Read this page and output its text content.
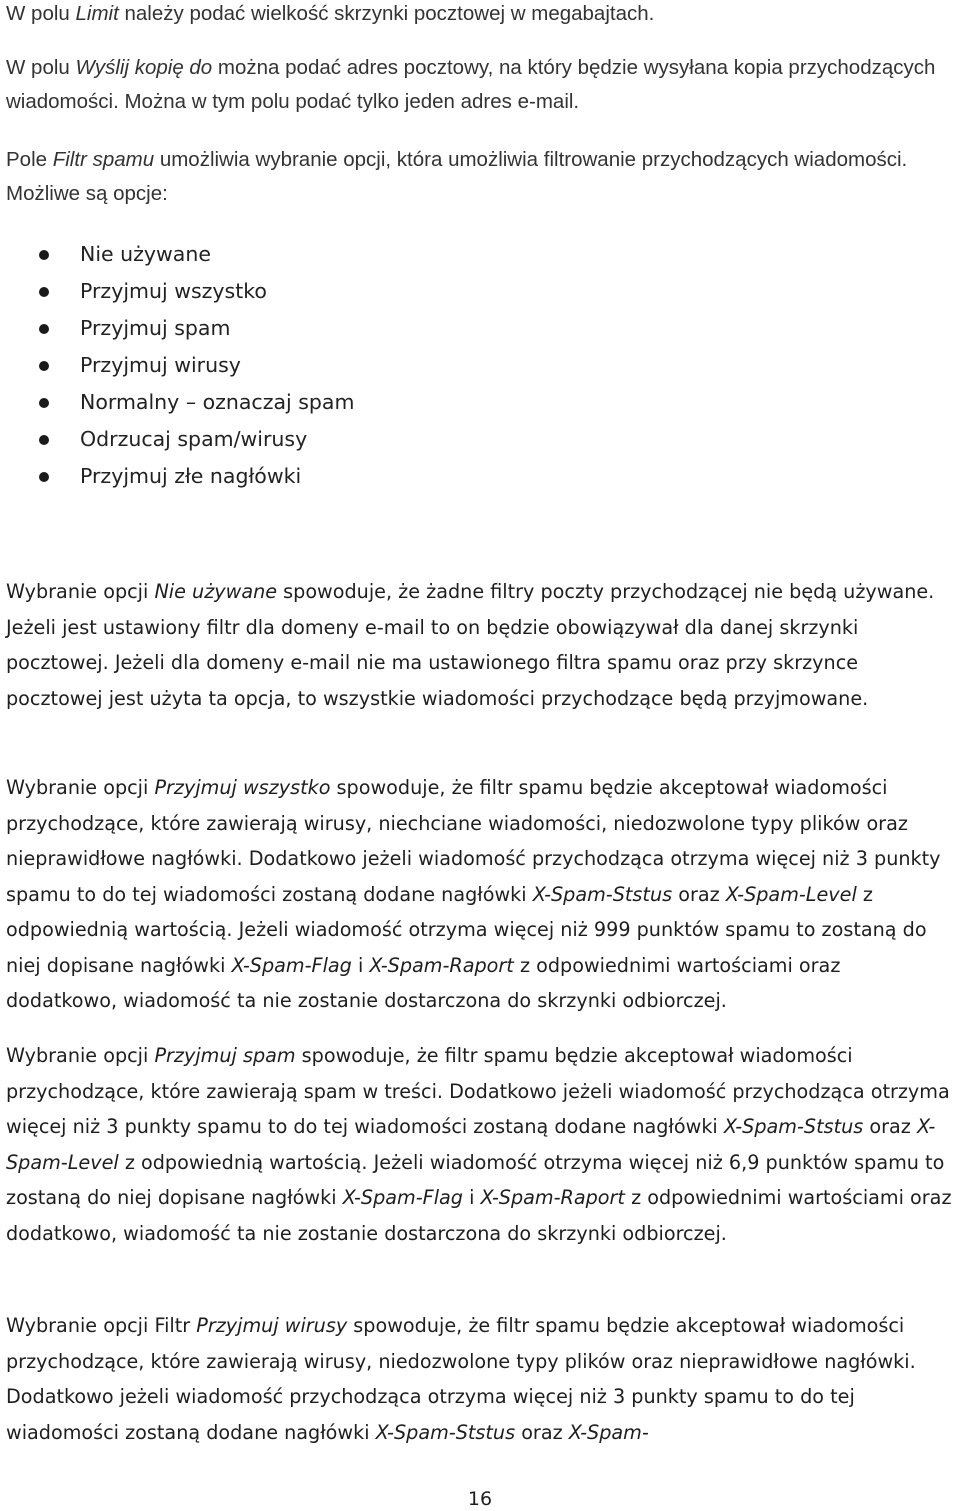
W polu Limit należy podać wielkość skrzynki pocztowej w megabajtach.

W polu Wyślij kopię do można podać adres pocztowy, na który będzie wysyłana kopia przychodzących wiadomości. Można w tym polu podać tylko jeden adres e-mail.

Pole Filtr spamu umożliwia wybranie opcji, która umożliwia filtrowanie przychodzących wiadomości. Możliwe są opcje:

Nie używane
Przyjmuj wszystko
Przyjmuj spam
Przyjmuj wirusy
Normalny – oznaczaj spam
Odrzucaj spam/wirusy
Przyjmuj złe nagłówki

Wybranie opcji Nie używane spowoduje, że żadne filtry poczty przychodzącej nie będą używane. Jeżeli jest ustawiony filtr dla domeny e-mail to on będzie obowiązywał dla danej skrzynki pocztowej. Jeżeli dla domeny e-mail nie ma ustawionego filtra spamu oraz przy skrzynce pocztowej jest użyta ta opcja, to wszystkie wiadomości przychodzące będą przyjmowane.

Wybranie opcji Przyjmuj wszystko spowoduje, że filtr spamu będzie akceptował wiadomości przychodzące, które zawierają wirusy, niechciane wiadomości, niedozwolone typy plików oraz nieprawidłowe nagłówki. Dodatkowo jeżeli wiadomość przychodząca otrzyma więcej niż 3 punkty spamu to do tej wiadomości zostaną dodane nagłówki X-Spam-Ststus oraz X-Spam-Level z odpowiednią wartością. Jeżeli wiadomość otrzyma więcej niż 999 punktów spamu to zostaną do niej dopisane nagłówki X-Spam-Flag i X-Spam-Raport z odpowiednimi wartościami oraz dodatkowo, wiadomość ta nie zostanie dostarczona do skrzynki odbiorczej.

Wybranie opcji Przyjmuj spam spowoduje, że filtr spamu będzie akceptował wiadomości przychodzące, które zawierają spam w treści. Dodatkowo jeżeli wiadomość przychodząca otrzyma więcej niż 3 punkty spamu to do tej wiadomości zostaną dodane nagłówki X-Spam-Ststus oraz X-Spam-Level z odpowiednią wartością. Jeżeli wiadomość otrzyma więcej niż 6,9 punktów spamu to zostaną do niej dopisane nagłówki X-Spam-Flag i X-Spam-Raport z odpowiednimi wartościami oraz dodatkowo, wiadomość ta nie zostanie dostarczona do skrzynki odbiorczej.

Wybranie opcji Filtr Przyjmuj wirusy spowoduje, że filtr spamu będzie akceptował wiadomości przychodzące, które zawierają wirusy, niedozwolone typy plików oraz nieprawidłowe nagłówki. Dodatkowo jeżeli wiadomość przychodząca otrzyma więcej niż 3 punkty spamu to do tej wiadomości zostaną dodane nagłówki X-Spam-Ststus oraz X-Spam-

16
